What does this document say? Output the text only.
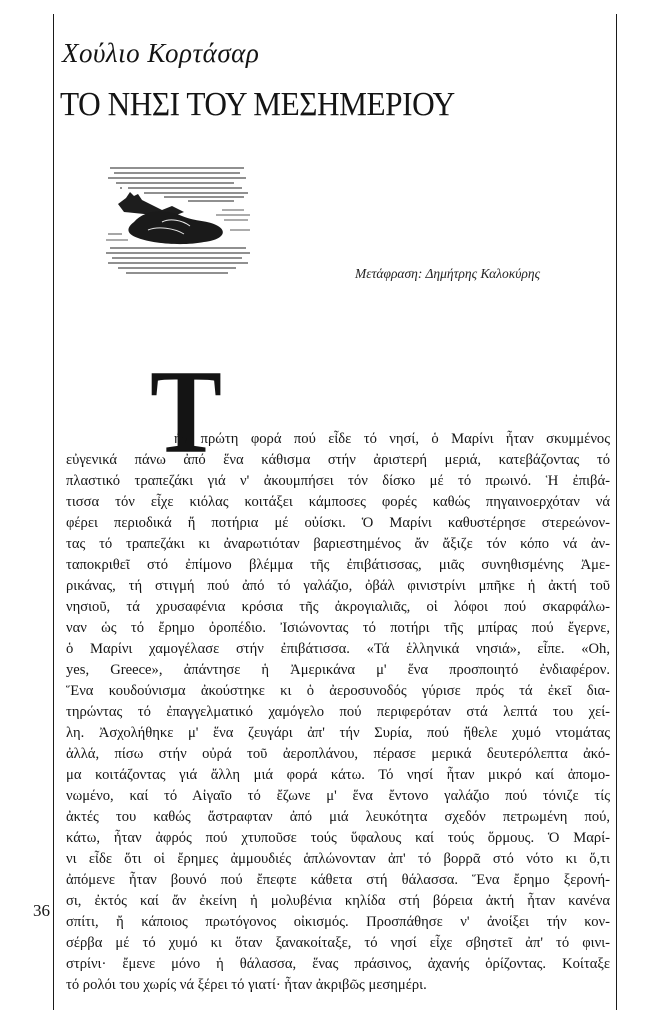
Χούλιο Κορτάσαρ
ΤΟ ΝΗΣΙ ΤΟΥ ΜΕΣΗΜΕΡΙΟΥ
Μετάφραση: Δημήτρης Καλοκύρης
Τ
ήν πρώτη φορά πού εἶδε τό νησί, ὁ Μαρίνι ἦταν σκυμμένος
εὐγενικά πάνω ἀπό ἕνα κάθισμα στήν ἀριστερή μεριά, κατεβάζοντας τό
πλαστικό τραπεζάκι γιά ν' ἀκουμπήσει τόν δίσκο μέ τό πρωινό. Ἡ ἐπιβά-
τισσα τόν εἶχε κιόλας κοιτάξει κάμποσες φορές καθώς πηγαινοερχόταν νά
φέρει περιοδικά ἤ ποτήρια μέ οὐίσκι. Ὁ Μαρίνι καθυστέρησε στερεώνον-
τας τό τραπεζάκι κι ἀναρωτιόταν βαριεστημένος ἄν ἄξιζε τόν κόπο νά ἀν-
ταποκριθεῖ στό ἐπίμονο βλέμμα τῆς ἐπιβάτισσας, μιᾶς συνηθισμένης Ἀμε-
ρικάνας, τή στιγμή πού ἀπό τό γαλάζιο, ὀβάλ φινιστρίνι μπῆκε ἡ ἀκτή τοῦ
νησιοῦ, τά χρυσαφένια κρόσια τῆς ἀκρογιαλιᾶς, οἱ λόφοι πού σκαρφάλω-
ναν ὡς τό ἔρημο ὀροπέδιο. Ἰσιώνοντας τό ποτήρι τῆς μπίρας πού ἔγερνε,
ὁ Μαρίνι χαμογέλασε στήν ἐπιβάτισσα. «Τά ἑλληνικά νησιά», εἶπε. «Oh,
yes, Greece», ἀπάντησε ἡ Ἀμερικάνα μ' ἕνα προσποιητό ἐνδιαφέρον.
Ἕνα κουδούνισμα ἀκούστηκε κι ὁ ἀεροσυνοδός γύρισε πρός τά ἐκεῖ δια-
τηρώντας τό ἐπαγγελματικό χαμόγελο πού περιφερόταν στά λεπτά του χεί-
λη. Ἀσχολήθηκε μ' ἕνα ζευγάρι ἀπ' τήν Συρία, πού ἤθελε χυμό ντομάτας
ἀλλά, πίσω στήν οὐρά τοῦ ἀεροπλάνου, πέρασε μερικά δευτερόλεπτα ἀκό-
μα κοιτάζοντας γιά ἄλλη μιά φορά κάτω. Τό νησί ἦταν μικρό καί ἀπομο-
νωμένο, καί τό Αἰγαῖο τό ἔζωνε μ' ἕνα ἔντονο γαλάζιο πού τόνιζε τίς
ἀκτές του καθώς ἄστραφταν ἀπό μιά λευκότητα σχεδόν πετρωμένη πού,
κάτω, ἦταν ἀφρός πού χτυποῦσε τούς ὕφαλους καί τούς ὅρμους. Ὁ Μαρί-
νι εἶδε ὅτι οἱ ἔρημες ἀμμουδιές ἁπλώνονταν ἀπ' τό βορρᾶ στό νότο κι ὅ,τι
ἀπόμενε ἦταν βουνό πού ἔπεφτε κάθετα στή θάλασσα. Ἕνα ἔρημο ξερονή-
σι, ἐκτός καί ἄν ἐκείνη ἡ μολυβένια κηλίδα στή βόρεια ἀκτή ἦταν κανένα
σπίτι, ἤ κάποιος πρωτόγονος οἰκισμός. Προσπάθησε ν' ἀνοίξει τήν κον-
σέρβα μέ τό χυμό κι ὅταν ξανακοίταξε, τό νησί εἶχε σβηστεῖ ἀπ' τό φινι-
στρίνι· ἔμενε μόνο ἡ θάλασσα, ἕνας πράσινος, ἀχανής ὁρίζοντας. Κοίταξε
τό ρολόι του χωρίς νά ξέρει τό γιατί· ἦταν ἀκριβῶς μεσημέρι.
36
